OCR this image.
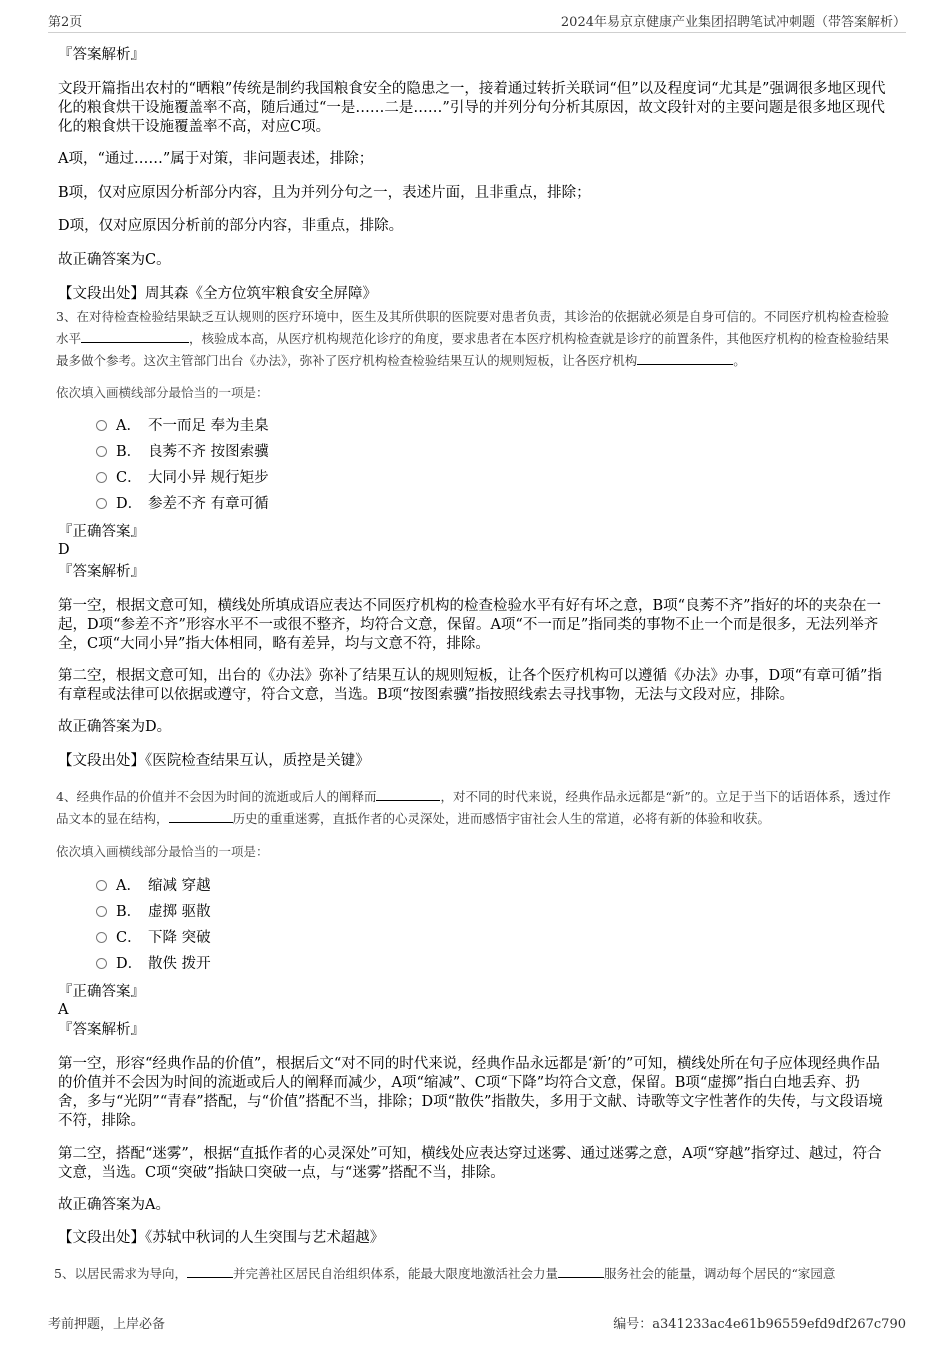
第2页	2024年易京京健康产业集团招聘笔试冲刺题（带答案解析）
『答案解析』
文段开篇指出农村的“晒粮”传统是制约我国粮食安全的隐患之一，接着通过转折关联词“但”以及程度词“尤其是”强调很多地区现代化的粮食烘干设施覆盖率不高，随后通过“一是……二是……”引导的并列分句分析其原因，故文段针对的主要问题是很多地区现代化的粮食烘干设施覆盖率不高，对应C项。
A项，“通过……”属于对策，非问题表述，排除；
B项，仅对应原因分析部分内容，且为并列分句之一，表述片面，且非重点，排除；
D项，仅对应原因分析前的部分内容，非重点，排除。
故正确答案为C。
【文段出处】周其森《全方位筑牢粮食安全屏障》
3、在对待检查检验结果缺乏互认规则的医疗环境中，医生及其所供职的医院要对患者负责，其诊治的依据就必须是自身可信的。不同医疗机构检查检验水平	，核验成本高，从医疗机构规范化诊疗的角度，要求患者在本医疗机构检查就是诊疗的前置条件，其他医疗机构的检查检验结果最多做个参考。这次主管部门出台《办法》，弥补了医疗机构检查检验结果互认的规则短板，让各医疗机构	。
依次填入画横线部分最恰当的一项是：
A． 不一而足 奉为圭臬
B． 良莠不齐 按图索骥
C． 大同小异 规行矩步
D． 参差不齐 有章可循
『正确答案』
D
『答案解析』
第一空，根据文意可知，横线处所填成语应表达不同医疗机构的检查检验水平有好有坏之意，B项“良莠不齐”指好的坏的夹杂在一起，D项“参差不齐”形容水平不一或很不整齐，均符合文意，保留。A项“不一而足”指同类的事物不止一个而是很多，无法列举齐全，C项“大同小异”指大体相同，略有差异，均与文意不符，排除。
第二空，根据文意可知，出台的《办法》弥补了结果互认的规则短板，让各个医疗机构可以遵循《办法》办事，D项“有章可循”指有章程或法律可以依据或遵守，符合文意，当选。B项“按图索骥”指按照线索去寻找事物，无法与文段对应，排除。
故正确答案为D。
【文段出处】《医院检查结果互认，质控是关键》
4、经典作品的价值并不会因为时间的流逝或后人的阐释而	，对不同的时代来说，经典作品永远都是“新”的。立足于当下的话语体系，透过作品文本的显在结构，	历史的重重迷雾，直抵作者的心灵深处，进而感悟宇宙社会人生的常道，必将有新的体验和收获。
依次填入画横线部分最恰当的一项是：
A． 缩减 穿越
B． 虚掷 驱散
C． 下降 突破
D． 散佚 拨开
『正确答案』
A
『答案解析』
第一空，形容“经典作品的价值”，根据后文“对不同的时代来说，经典作品永远都是‘新’的”可知，横线处所在句子应体现经典作品的价值并不会因为时间的流逝或后人的阐释而减少，A项“缩减”、C项“下降”均符合文意，保留。B项“虚掷”指白白地丢弃、扔舍，多与“光阴”“青春”搭配，与“价值”搭配不当，排除；D项“散佚”指散失，多用于文献、诗歌等文字性著作的失传，与文段语境不符，排除。
第二空，搭配“迷雾”，根据“直抵作者的心灵深处”可知，横线处应表达穿过迷雾、通过迷雾之意，A项“穿越”指穿过、越过，符合文意，当选。C项“突破”指缺口突破一点，与“迷雾”搭配不当，排除。
故正确答案为A。
【文段出处】《苏轼中秋词的人生突围与艺术超越》
5、以居民需求为导向，	并完善社区居民自治组织体系，能最大限度地激活社会力量	服务社会的能量，调动每个居民的“家园意
考前押题，上岸必备	编号：a341233ac4e61b96559efd9df267c790
